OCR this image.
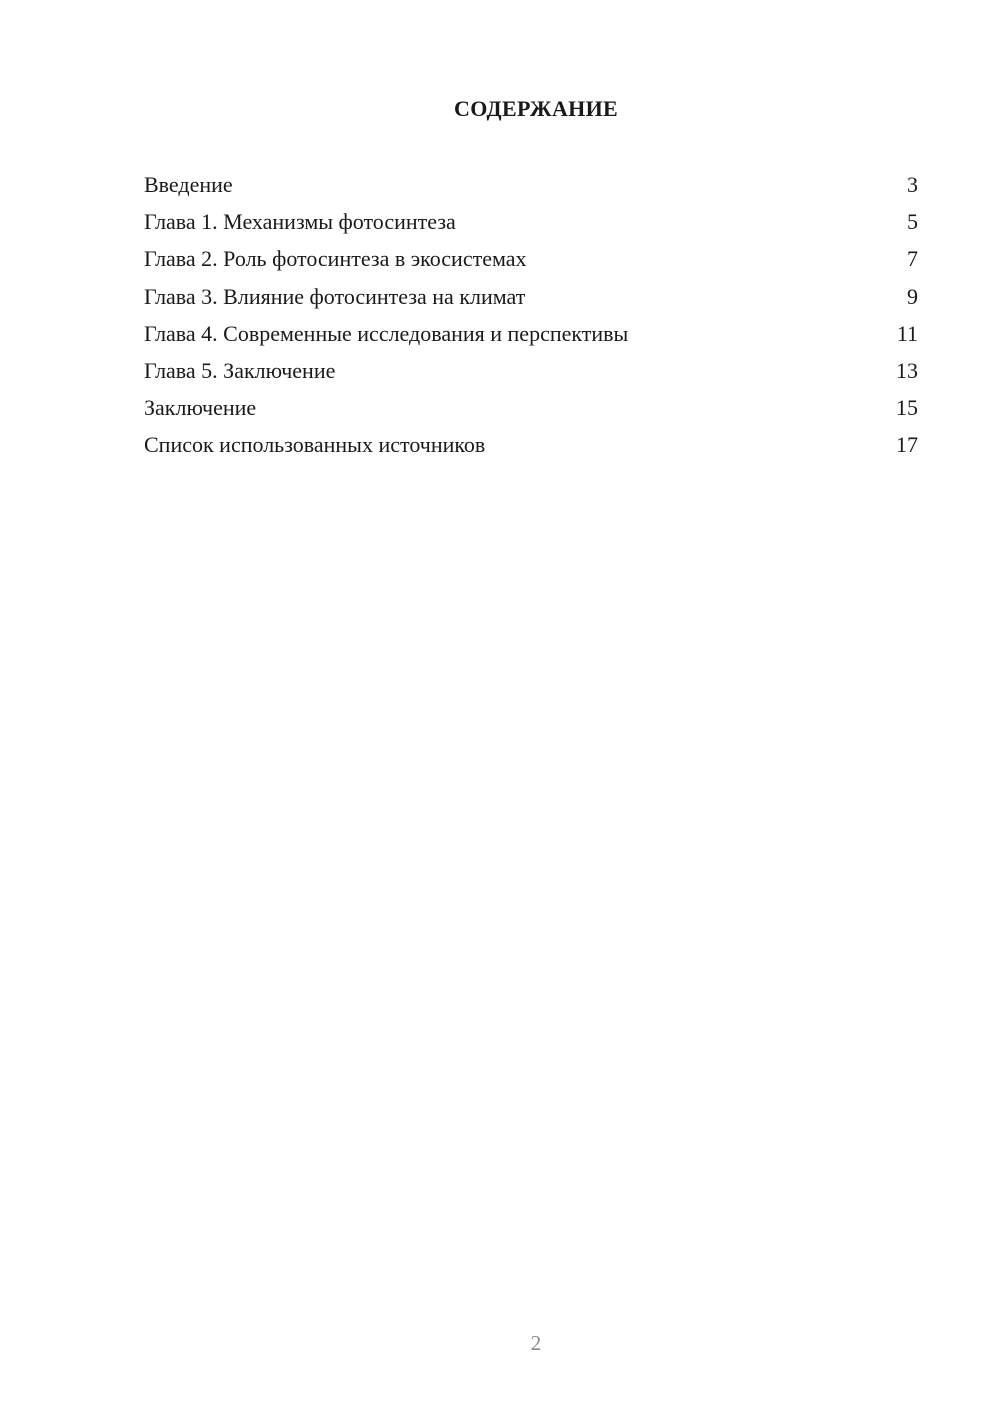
СОДЕРЖАНИЕ
Введение	3
Глава 1. Механизмы фотосинтеза	5
Глава 2. Роль фотосинтеза в экосистемах	7
Глава 3. Влияние фотосинтеза на климат	9
Глава 4. Современные исследования и перспективы	11
Глава 5. Заключение	13
Заключение	15
Список использованных источников	17
2
